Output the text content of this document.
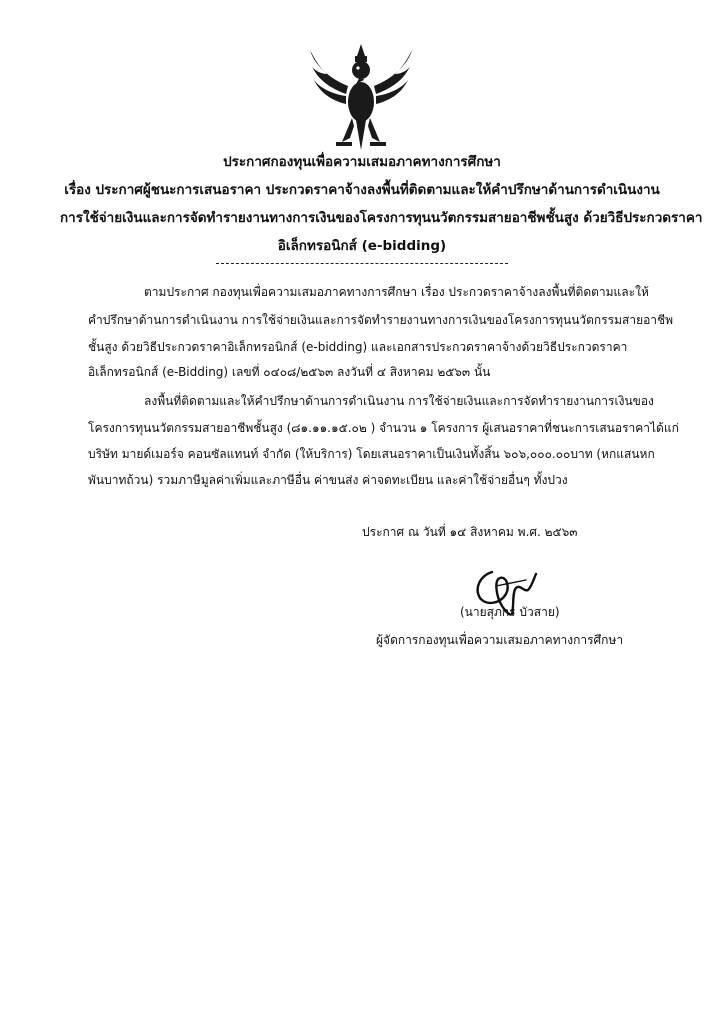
ประกาศกองทุนเพื่อความเสมอภาคทางการศึกษา
เรื่อง ประกาศผู้ชนะการเสนอราคา ประกวดราคาจ้างลงพื้นที่ติดตามและให้คำปรึกษาด้านการดำเนินงาน
การใช้จ่ายเงินและการจัดทำรายงานทางการเงินของโครงการทุนนวัตกรรมสายอาชีพชั้นสูง ด้วยวิธีประกวดราคา
อิเล็กทรอนิกส์ (e-bidding)
ตามประกาศ กองทุนเพื่อความเสมอภาคทางการศึกษา เรื่อง ประกวดราคาจ้างลงพื้นที่ติดตามและให้
คำปรึกษาด้านการดำเนินงาน การใช้จ่ายเงินและการจัดทำรายงานทางการเงินของโครงการทุนนวัตกรรมสายอาชีพ
ชั้นสูง ด้วยวิธีประกวดราคาอิเล็กทรอนิกส์ (e-bidding) และเอกสารประกวดราคาจ้างด้วยวิธีประกวดราคา
อิเล็กทรอนิกส์ (e-Bidding) เลขที่ ๐๔๐๘/๒๕๖๓ ลงวันที่ ๔ สิงหาคม ๒๕๖๓ นั้น
ลงพื้นที่ติดตามและให้คำปรึกษาด้านการดำเนินงาน การใช้จ่ายเงินและการจัดทำรายงานการเงินของ
โครงการทุนนวัตกรรมสายอาชีพชั้นสูง (๘๑.๑๑.๑๕.๐๒ ) จำนวน ๑ โครงการ ผู้เสนอราคาที่ชนะการเสนอราคาได้แก่
บริษัท มายด์เมอร์จ คอนซัลแทนท์ จำกัด (ให้บริการ) โดยเสนอราคาเป็นเงินทั้งสิ้น ๖๐๖,๐๐๐.๐๐บาท (หกแสนหก
พันบาทถ้วน) รวมภาษีมูลค่าเพิ่มและภาษีอื่น ค่าขนส่ง ค่าจดทะเบียน และค่าใช้จ่ายอื่นๆ ทั้งปวง
ประกาศ ณ วันที่ ๑๔ สิงหาคม พ.ศ. ๒๕๖๓
(นายสุภกร บัวสาย)
ผู้จัดการกองทุนเพื่อความเสมอภาคทางการศึกษา
